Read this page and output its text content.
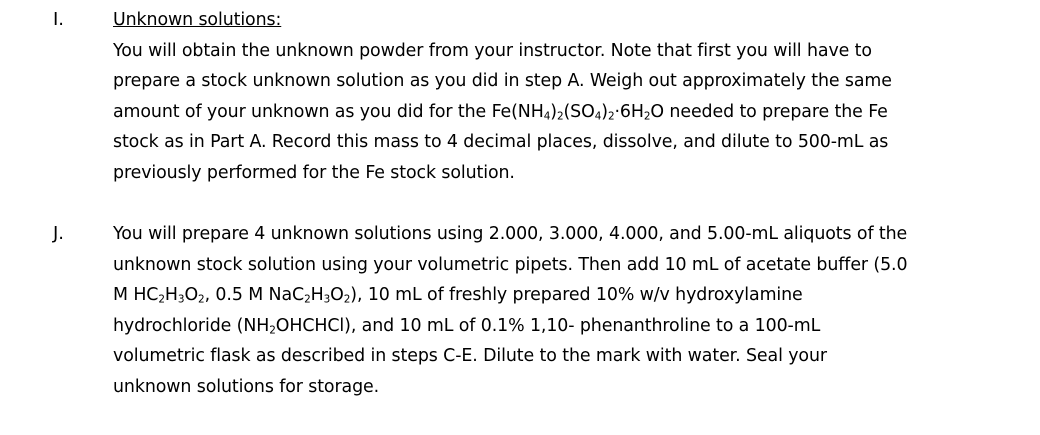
I.	Unknown solutions:
You will obtain the unknown powder from your instructor. Note that first you will have to
prepare a stock unknown solution as you did in step A. Weigh out approximately the same
amount of your unknown as you did for the $Fe(NH_4)_2(SO_4)_2\cdot 6H_2O$ needed to prepare the Fe
stock as in Part A. Record this mass to 4 decimal places, dissolve, and dilute to 500-mL as
previously performed for the Fe stock solution.
J.	You will prepare 4 unknown solutions using 2.000, 3.000, 4.000, and 5.00-mL aliquots of the
unknown stock solution using your volumetric pipets. Then add 10 mL of acetate buffer (5.0
M $HC_2H_3O_2$, 0.5 M $NaC_2H_3O_2$), 10 mL of freshly prepared 10% w/v hydroxylamine
hydrochloride $(NH_2OHCHCl)$, and 10 mL of 0.1% 1,10- phenanthroline to a 100-mL
volumetric flask as described in steps C-E. Dilute to the mark with water. Seal your
unknown solutions for storage.
